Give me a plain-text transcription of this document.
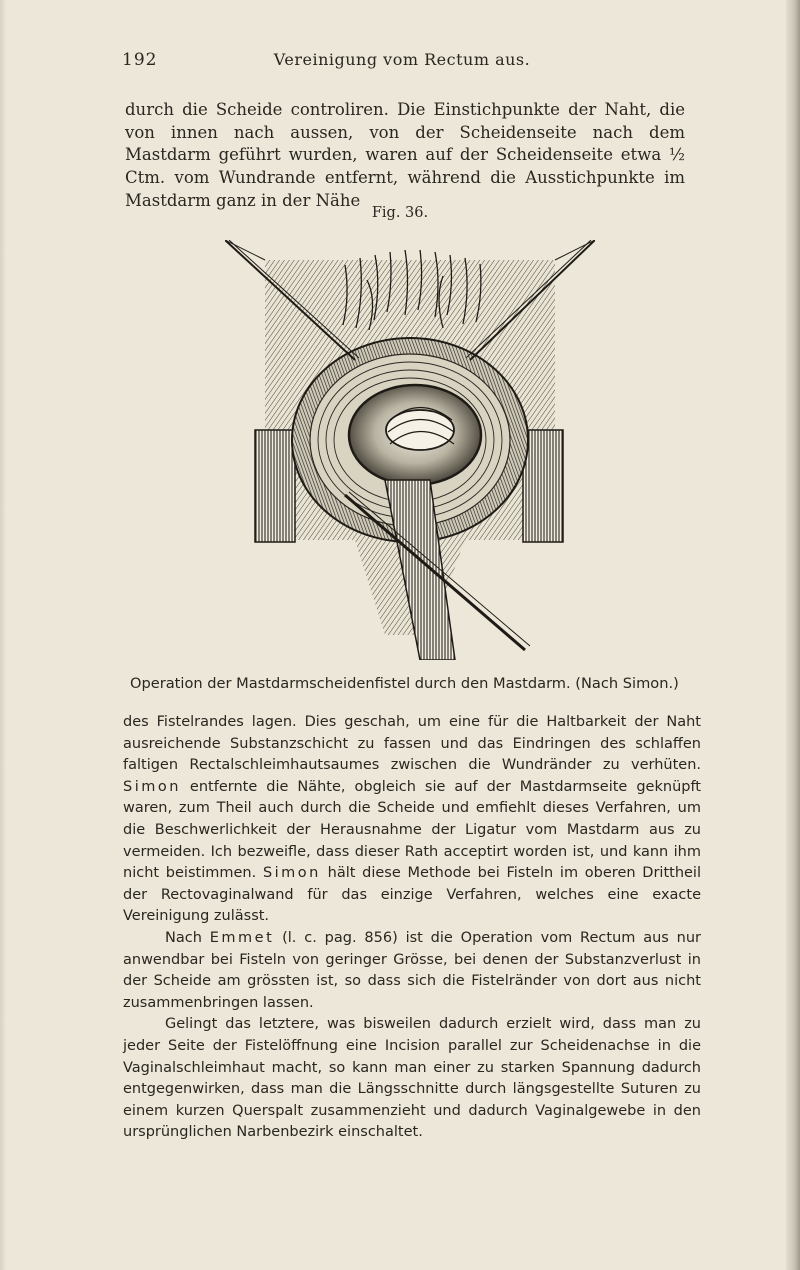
192	Vereinigung vom Rectum aus.
durch die Scheide controliren. Die Einstichpunkte der Naht, die von innen nach aussen, von der Scheidenseite nach dem Mastdarm geführt wurden, waren auf der Scheidenseite etwa ½ Ctm. vom Wundrande entfernt, während die Ausstichpunkte im Mastdarm ganz in der Nähe
Fig. 36.
Operation der Mastdarmscheidenfistel durch den Mastdarm. (Nach Simon.)

des Fistelrandes lagen. Dies geschah, um eine für die Haltbarkeit der Naht ausreichende Substanzschicht zu fassen und das Eindringen des schlaffen faltigen Rectalschleimhautsaumes zwischen die Wundränder zu verhüten. Simon entfernte die Nähte, obgleich sie auf der Mastdarmseite geknüpft waren, zum Theil auch durch die Scheide und emfiehlt dieses Verfahren, um die Beschwerlichkeit der Herausnahme der Ligatur vom Mastdarm aus zu vermeiden. Ich bezweifle, dass dieser Rath acceptirt worden ist, und kann ihm nicht beistimmen. Simon hält diese Methode bei Fisteln im oberen Drittheil der Rectovaginalwand für das einzige Verfahren, welches eine exacte Vereinigung zulässt.

Nach Emmet (l. c. pag. 856) ist die Operation vom Rectum aus nur anwendbar bei Fisteln von geringer Grösse, bei denen der Substanzverlust in der Scheide am grössten ist, so dass sich die Fistelränder von dort aus nicht zusammenbringen lassen.

Gelingt das letztere, was bisweilen dadurch erzielt wird, dass man zu jeder Seite der Fistelöffnung eine Incision parallel zur Scheidenachse in die Vaginalschleimhaut macht, so kann man einer zu starken Spannung dadurch entgegenwirken, dass man die Längsschnitte durch längsgestellte Suturen zu einem kurzen Querspalt zusammenzieht und dadurch Vaginalgewebe in den ursprünglichen Narbenbezirk einschaltet.
